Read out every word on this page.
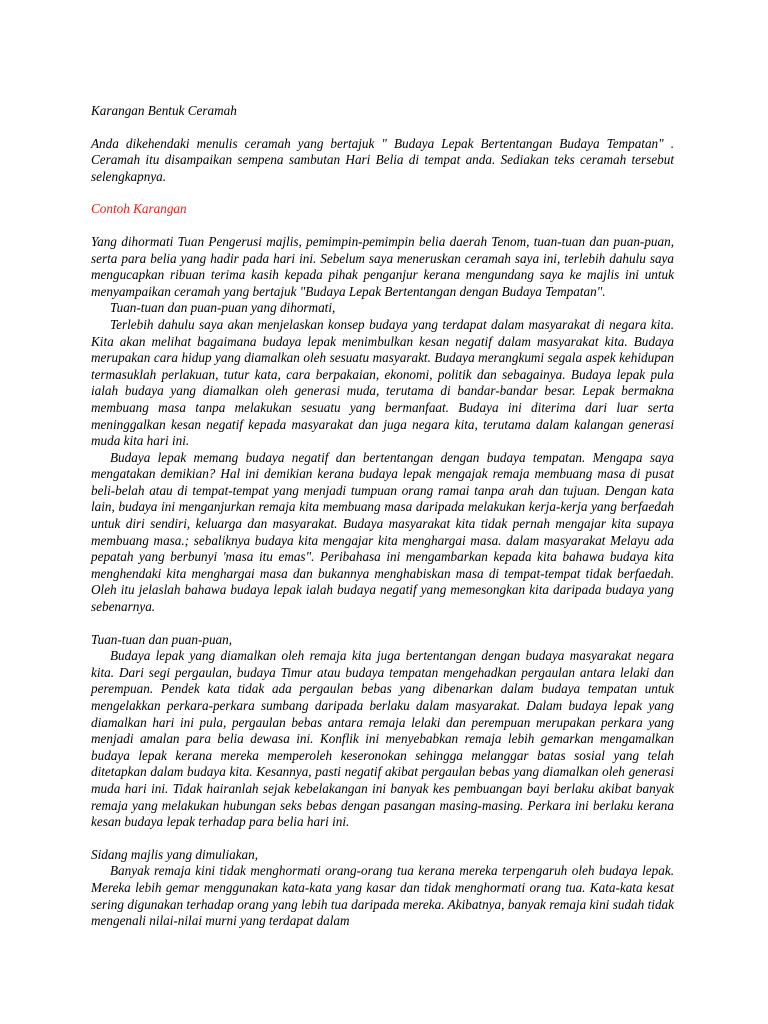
Karangan Bentuk Ceramah

Anda dikehendaki menulis ceramah yang bertajuk " Budaya Lepak Bertentangan Budaya Tempatan" . Ceramah itu disampaikan sempena sambutan Hari Belia di tempat anda. Sediakan teks ceramah tersebut selengkapnya.

Contoh Karangan

Yang dihormati Tuan Pengerusi majlis, pemimpin-pemimpin belia daerah Tenom, tuan-tuan dan puan-puan, serta para belia yang hadir pada hari ini. Sebelum saya meneruskan ceramah saya ini, terlebih dahulu saya mengucapkan ribuan terima kasih kepada pihak penganjur kerana mengundang saya ke majlis ini untuk menyampaikan ceramah yang bertajuk "Budaya Lepak Bertentangan dengan Budaya Tempatan".

Tuan-tuan dan puan-puan yang dihormati,

Terlebih dahulu saya akan menjelaskan konsep budaya yang terdapat dalam masyarakat di negara kita. Kita akan melihat bagaimana budaya lepak menimbulkan kesan negatif dalam masyarakat kita. Budaya merupakan cara hidup yang diamalkan oleh sesuatu masyarakt. Budaya merangkumi segala aspek kehidupan termasuklah perlakuan, tutur kata, cara berpakaian, ekonomi, politik dan sebagainya. Budaya lepak pula ialah budaya yang diamalkan oleh generasi muda, terutama di bandar-bandar besar. Lepak bermakna membuang masa tanpa melakukan sesuatu yang bermanfaat. Budaya ini diterima dari luar serta meninggalkan kesan negatif kepada masyarakat dan juga negara kita, terutama dalam kalangan generasi muda kita hari ini.

Budaya lepak memang budaya negatif dan bertentangan dengan budaya tempatan. Mengapa saya mengatakan demikian? Hal ini demikian kerana budaya lepak mengajak remaja membuang masa di pusat beli-belah atau di tempat-tempat yang menjadi tumpuan orang ramai tanpa arah dan tujuan. Dengan kata lain, budaya ini menganjurkan remaja kita membuang masa daripada melakukan kerja-kerja yang berfaedah untuk diri sendiri, keluarga dan masyarakat. Budaya masyarakat kita tidak pernah mengajar kita supaya membuang masa.; sebaliknya budaya kita mengajar kita menghargai masa. dalam masyarakat Melayu ada pepatah yang berbunyi 'masa itu emas". Peribahasa ini mengambarkan kepada kita bahawa budaya kita menghendaki kita menghargai masa dan bukannya menghabiskan masa di tempat-tempat tidak berfaedah. Oleh itu jelaslah bahawa budaya lepak ialah budaya negatif yang memesongkan kita daripada budaya yang sebenarnya.

Tuan-tuan dan puan-puan,

Budaya lepak yang diamalkan oleh remaja kita juga bertentangan dengan budaya masyarakat negara kita. Dari segi pergaulan, budaya Timur atau budaya tempatan mengehadkan pergaulan antara lelaki dan perempuan. Pendek kata tidak ada pergaulan bebas yang dibenarkan dalam budaya tempatan untuk mengelakkan perkara-perkara sumbang daripada berlaku dalam masyarakat. Dalam budaya lepak yang diamalkan hari ini pula, pergaulan bebas antara remaja lelaki dan perempuan merupakan perkara yang menjadi amalan para belia dewasa ini. Konflik ini menyebabkan remaja lebih gemarkan mengamalkan budaya lepak kerana mereka memperoleh keseronokan sehingga melanggar batas sosial yang telah ditetapkan dalam budaya kita. Kesannya, pasti negatif akibat pergaulan bebas yang diamalkan oleh generasi muda hari ini. Tidak hairanlah sejak kebelakangan ini banyak kes pembuangan bayi berlaku akibat banyak remaja yang melakukan hubungan seks bebas dengan pasangan masing-masing. Perkara ini berlaku kerana kesan budaya lepak terhadap para belia hari ini.

Sidang majlis yang dimuliakan,

Banyak remaja kini tidak menghormati orang-orang tua kerana mereka terpengaruh oleh budaya lepak. Mereka lebih gemar menggunakan kata-kata yang kasar dan tidak menghormati orang tua. Kata-kata kesat sering digunakan terhadap orang yang lebih tua daripada mereka. Akibatnya, banyak remaja kini sudah tidak mengenali nilai-nilai murni yang terdapat dalam
